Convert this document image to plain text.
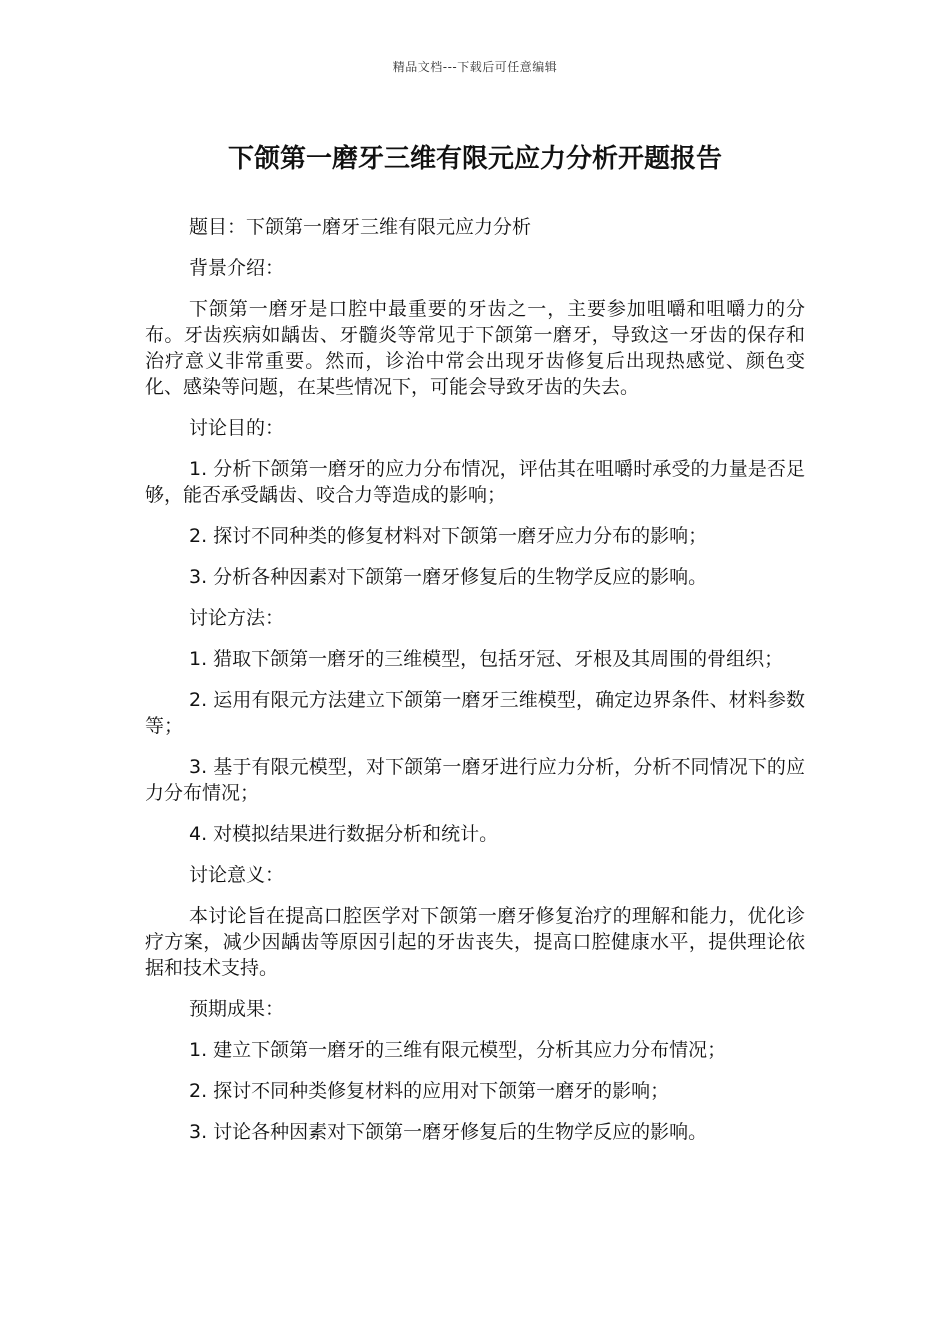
精品文档---下载后可任意编辑
下颌第一磨牙三维有限元应力分析开题报告

题目：下颌第一磨牙三维有限元应力分析

背景介绍：

下颌第一磨牙是口腔中最重要的牙齿之一，主要参加咀嚼和咀嚼力的分布。牙齿疾病如龋齿、牙髓炎等常见于下颌第一磨牙，导致这一牙齿的保存和治疗意义非常重要。然而，诊治中常会出现牙齿修复后出现热感觉、颜色变化、感染等问题，在某些情况下，可能会导致牙齿的失去。

讨论目的：

1. 分析下颌第一磨牙的应力分布情况，评估其在咀嚼时承受的力量是否足够，能否承受龋齿、咬合力等造成的影响；

2. 探讨不同种类的修复材料对下颌第一磨牙应力分布的影响；

3. 分析各种因素对下颌第一磨牙修复后的生物学反应的影响。

讨论方法：

1. 猎取下颌第一磨牙的三维模型，包括牙冠、牙根及其周围的骨组织；

2. 运用有限元方法建立下颌第一磨牙三维模型，确定边界条件、材料参数等；

3. 基于有限元模型，对下颌第一磨牙进行应力分析，分析不同情况下的应力分布情况；

4. 对模拟结果进行数据分析和统计。

讨论意义：

本讨论旨在提高口腔医学对下颌第一磨牙修复治疗的理解和能力，优化诊疗方案，减少因龋齿等原因引起的牙齿丧失，提高口腔健康水平，提供理论依据和技术支持。

预期成果：

1. 建立下颌第一磨牙的三维有限元模型，分析其应力分布情况；

2. 探讨不同种类修复材料的应用对下颌第一磨牙的影响；

3. 讨论各种因素对下颌第一磨牙修复后的生物学反应的影响。
